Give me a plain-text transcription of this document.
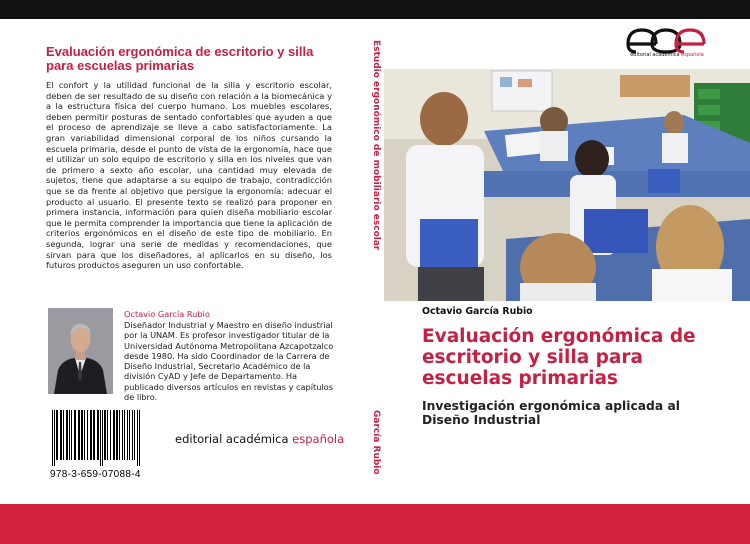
Evaluación ergonómica de escritorio y silla para escuelas primarias

El confort y la utilidad funcional de la silla y escritorio escolar, deben de ser resultado de su diseño con relación a la biomecánica y a la estructura física del cuerpo humano. Los muebles escolares, deben permitir posturas de sentado confortables que ayuden a que el proceso de aprendizaje se lleve a cabo satisfactoriamente. La gran variabilidad dimensional corporal de los niños cursando la escuela primaria, desde el punto de vista de la ergonomía, hace que el utilizar un solo equipo de escritorio y silla en los niveles que van de primero a sexto año escolar, una cantidad muy elevada de sujetos, tiene que adaptarse a su equipo de trabajo, contradicción que se da frente al objetivo que persigue la ergonomía: adecuar el producto al usuario. El presente texto se realizó para proponer en primera instancia, información para quien diseña mobiliario escolar que le permita comprender la importancia que tiene la aplicación de criterios ergonómicos en el diseño de este tipo de mobiliario. En segunda, lograr una serie de medidas y recomendaciones, que sirvan para que los diseñadores, al aplicarlos en su diseño, los futuros productos aseguren un uso confortable.

Octavio García Rubio

Diseñador Industrial y Maestro en diseño industrial por la UNAM. Es profesor investigador titular de la Universidad Autónoma Metropolitana Azcapotzalco desde 1980. Ha sido Coordinador de la Carrera de Diseño Industrial, Secretario Académico de la división CyAD y Jefe de Departamento. Ha publicado diversos artículos en revistas y capítulos de libro.

978-3-659-07088-4
editorial académica española
Estudio ergonómico de mobiliario escolar
García Rubio
editorial académica española
Octavio García Rubio
Evaluación ergonómica de escritorio y silla para escuelas primarias

Investigación ergonómica aplicada al Diseño Industrial
